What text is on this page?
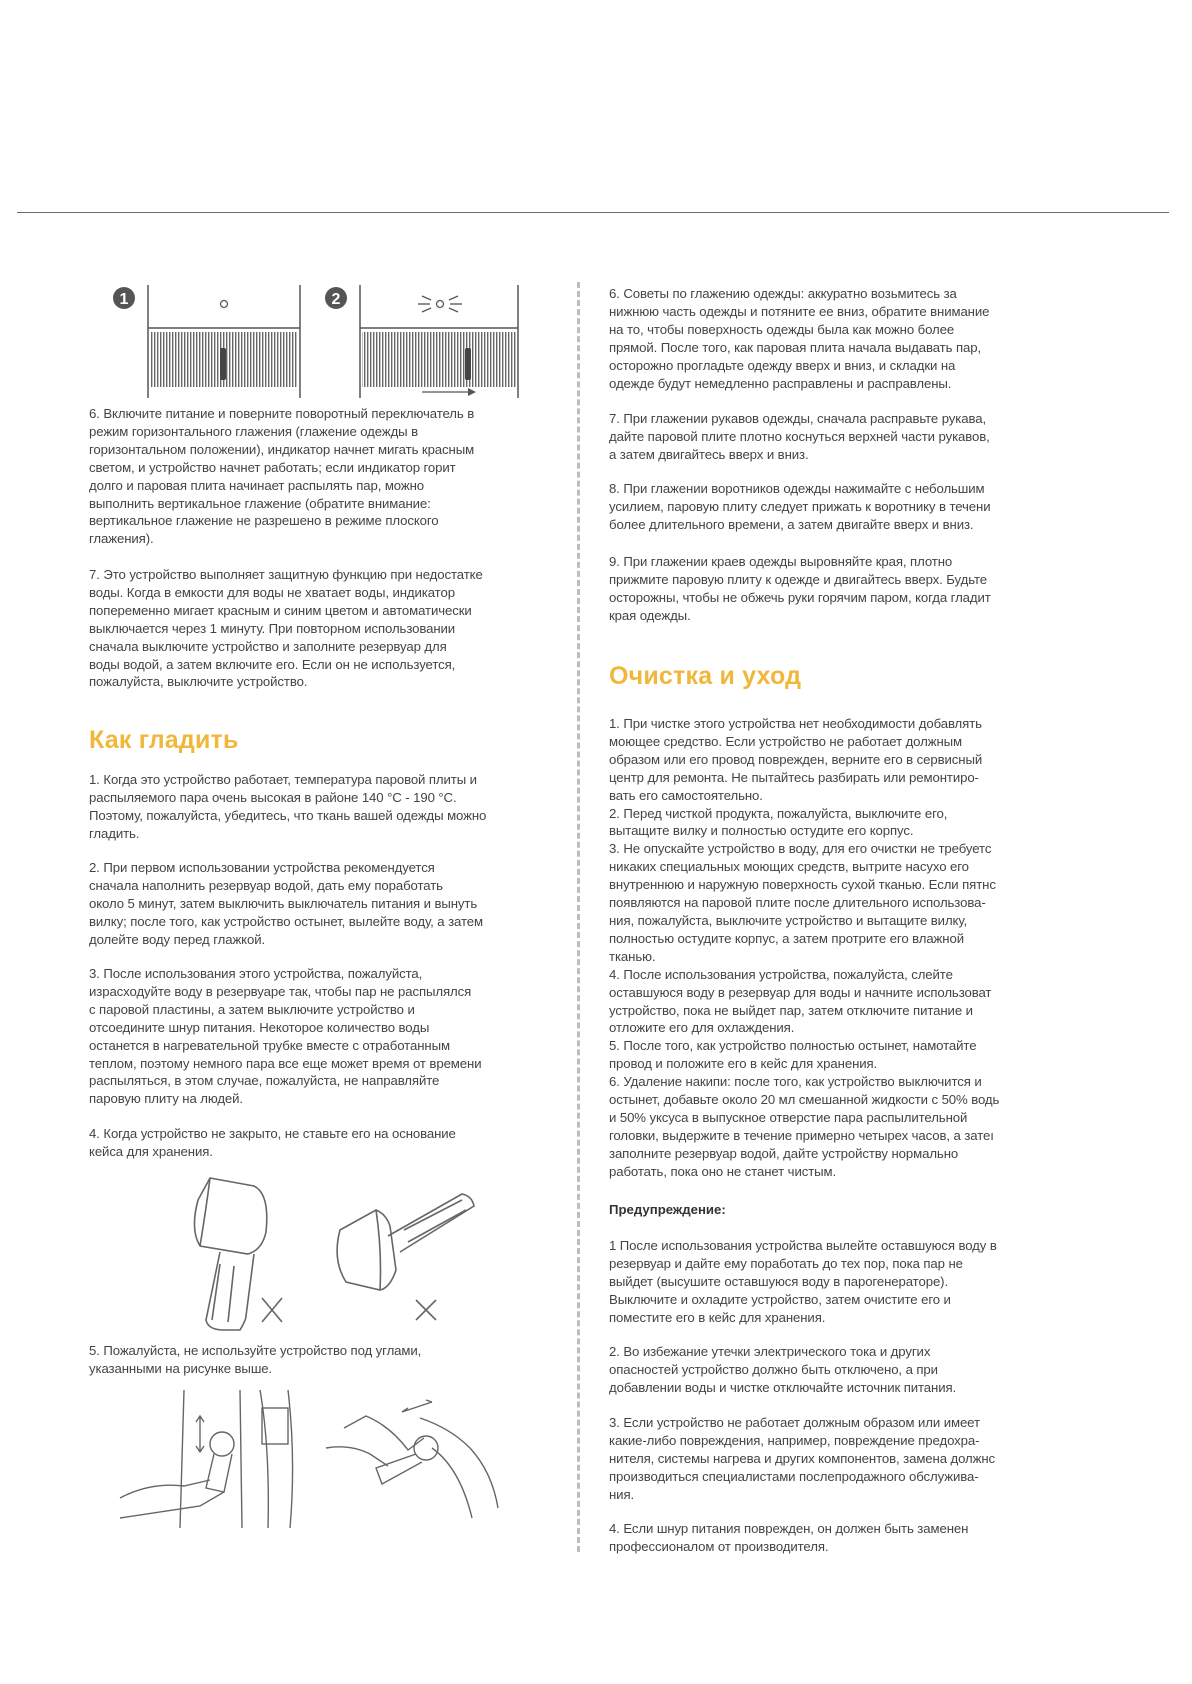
1	2

6. Включите питание и поверните поворотный переключатель в
режим горизонтального глажения (глажение одежды в
горизонтальном положении), индикатор начнет мигать красным
светом, и устройство начнет работать; если индикатор горит
долго и паровая плита начинает распылять пар, можно
выполнить вертикальное глажение (обратите внимание:
вертикальное глажение не разрешено в режиме плоского
глажения).

7. Это устройство выполняет защитную функцию при недостатке
воды. Когда в емкости для воды не хватает воды, индикатор
попеременно мигает красным и синим цветом и автоматически
выключается через 1 минуту. При повторном использовании
сначала выключите устройство и заполните резервуар для
воды водой, а затем включите его. Если он не используется,
пожалуйста, выключите устройство.

Как гладить

1. Когда это устройство работает, температура паровой плиты и
распыляемого пара очень высокая в районе 140 °C - 190 °C.
Поэтому, пожалуйста, убедитесь, что ткань вашей одежды можно
гладить.

2. При первом использовании устройства рекомендуется
сначала наполнить резервуар водой, дать ему поработать
около 5 минут, затем выключить выключатель питания и вынуть
вилку; после того, как устройство остынет, вылейте воду, а затем
долейте воду перед глажкой.

3. После использования этого устройства, пожалуйста,
израсходуйте воду в резервуаре так, чтобы пар не распылялся
с паровой пластины, а затем выключите устройство и
отсоедините шнур питания. Некоторое количество воды
останется в нагревательной трубке вместе с отработанным
теплом, поэтому немного пара все еще может время от времени
распыляться, в этом случае, пожалуйста, не направляйте
паровую плиту на людей.

4. Когда устройство не закрыто, не ставьте его на основание
кейса для хранения.

5. Пожалуйста, не используйте устройство под углами,
указанными на рисунке выше.

6. Советы по глажению одежды: аккуратно возьмитесь за
нижнюю часть одежды и потяните ее вниз, обратите внимание
на то, чтобы поверхность одежды была как можно более
прямой. После того, как паровая плита начала выдавать пар,
осторожно прогладьте одежду вверх и вниз, и складки на
одежде будут немедленно расправлены и расправлены.

7. При глажении рукавов одежды, сначала расправьте рукава,
дайте паровой плите плотно коснуться верхней части рукавов,
а затем двигайтесь вверх и вниз.

8. При глажении воротников одежды нажимайте с небольшим
усилием, паровую плиту следует прижать к воротнику в течени
более длительного времени, а затем двигайте вверх и вниз.

9. При глажении краев одежды выровняйте края, плотно
прижмите паровую плиту к одежде и двигайтесь вверх. Будьте
осторожны, чтобы не обжечь руки горячим паром, когда гладит
края одежды.

Очистка и уход

1. При чистке этого устройства нет необходимости добавлять
моющее средство. Если устройство не работает должным
образом или его провод поврежден, верните его в сервисный
центр для ремонта. Не пытайтесь разбирать или ремонтиро-
вать его самостоятельно.
2. Перед чисткой продукта, пожалуйста, выключите его,
вытащите вилку и полностью остудите его корпус.
3. Не опускайте устройство в воду, для его очистки не требуетс
никаких специальных моющих средств, вытрите насухо его
внутреннюю и наружную поверхность сухой тканью. Если пятнс
появляются на паровой плите после длительного использова-
ния, пожалуйста, выключите устройство и вытащите вилку,
полностью остудите корпус, а затем протрите его влажной
тканью.
4. После использования устройства, пожалуйста, слейте
оставшуюся воду в резервуар для воды и начните использоват
устройство, пока не выйдет пар, затем отключите питание и
отложите его для охлаждения.
5. После того, как устройство полностью остынет, намотайте
провод и положите его в кейс для хранения.
6. Удаление накипи: после того, как устройство выключится и
остынет, добавьте около 20 мл смешанной жидкости с 50% водь
и 50% уксуса в выпускное отверстие пара распылительной
головки, выдержите в течение примерно четырех часов, а затеı
заполните резервуар водой, дайте устройству нормально
работать, пока оно не станет чистым.

Предупреждение:

1 После использования устройства вылейте оставшуюся воду в
резервуар и дайте ему поработать до тех пор, пока пар не
выйдет (высушите оставшуюся воду в парогенераторе).
Выключите и охладите устройство, затем очистите его и
поместите его в кейс для хранения.

2. Во избежание утечки электрического тока и других
опасностей устройство должно быть отключено, а при
добавлении воды и чистке отключайте источник питания.

3. Если устройство не работает должным образом или имеет
какие-либо повреждения, например, повреждение предохра-
нителя, системы нагрева и других компонентов, замена должнс
производиться специалистами послепродажного обслужива-
ния.

4. Если шнур питания поврежден, он должен быть заменен
профессионалом от производителя.
